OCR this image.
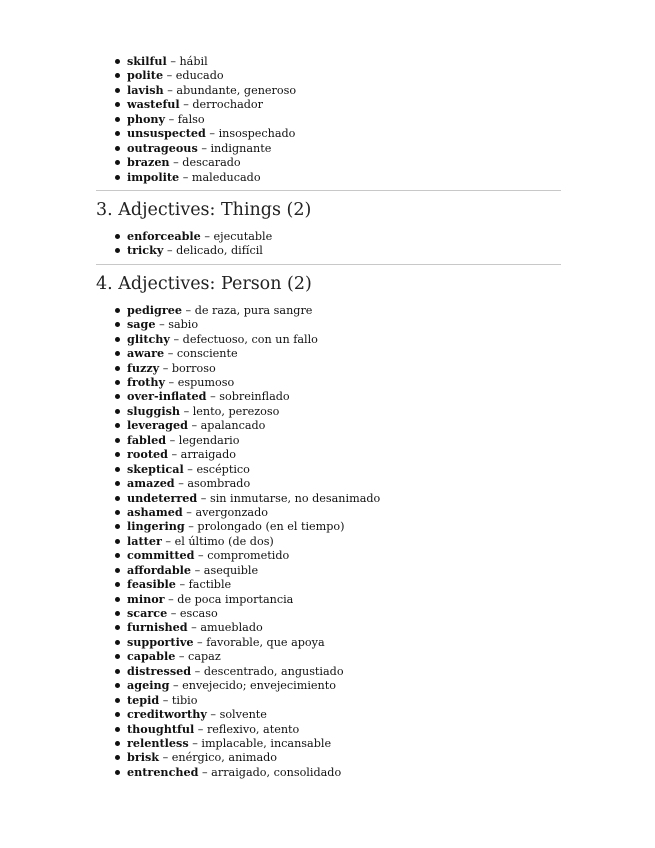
skilful – hábil
polite – educado
lavish – abundante, generoso
wasteful – derrochador
phony – falso
unsuspected – insospechado
outrageous – indignante
brazen – descarado
impolite – maleducado
3. Adjectives: Things (2)
enforceable – ejecutable
tricky – delicado, difícil
4. Adjectives: Person (2)
pedigree – de raza, pura sangre
sage – sabio
glitchy – defectuoso, con un fallo
aware – consciente
fuzzy – borroso
frothy – espumoso
over-inflated – sobreinflado
sluggish – lento, perezoso
leveraged – apalancado
fabled – legendario
rooted – arraigado
skeptical – escéptico
amazed – asombrado
undeterred – sin inmutarse, no desanimado
ashamed – avergonzado
lingering – prolongado (en el tiempo)
latter – el último (de dos)
committed – comprometido
affordable – asequible
feasible – factible
minor – de poca importancia
scarce – escaso
furnished – amueblado
supportive – favorable, que apoya
capable – capaz
distressed – descentrado, angustiado
ageing – envejecido; envejecimiento
tepid – tibio
creditworthy – solvente
thoughtful – reflexivo, atento
relentless – implacable, incansable
brisk – enérgico, animado
entrenched – arraigado, consolidado
